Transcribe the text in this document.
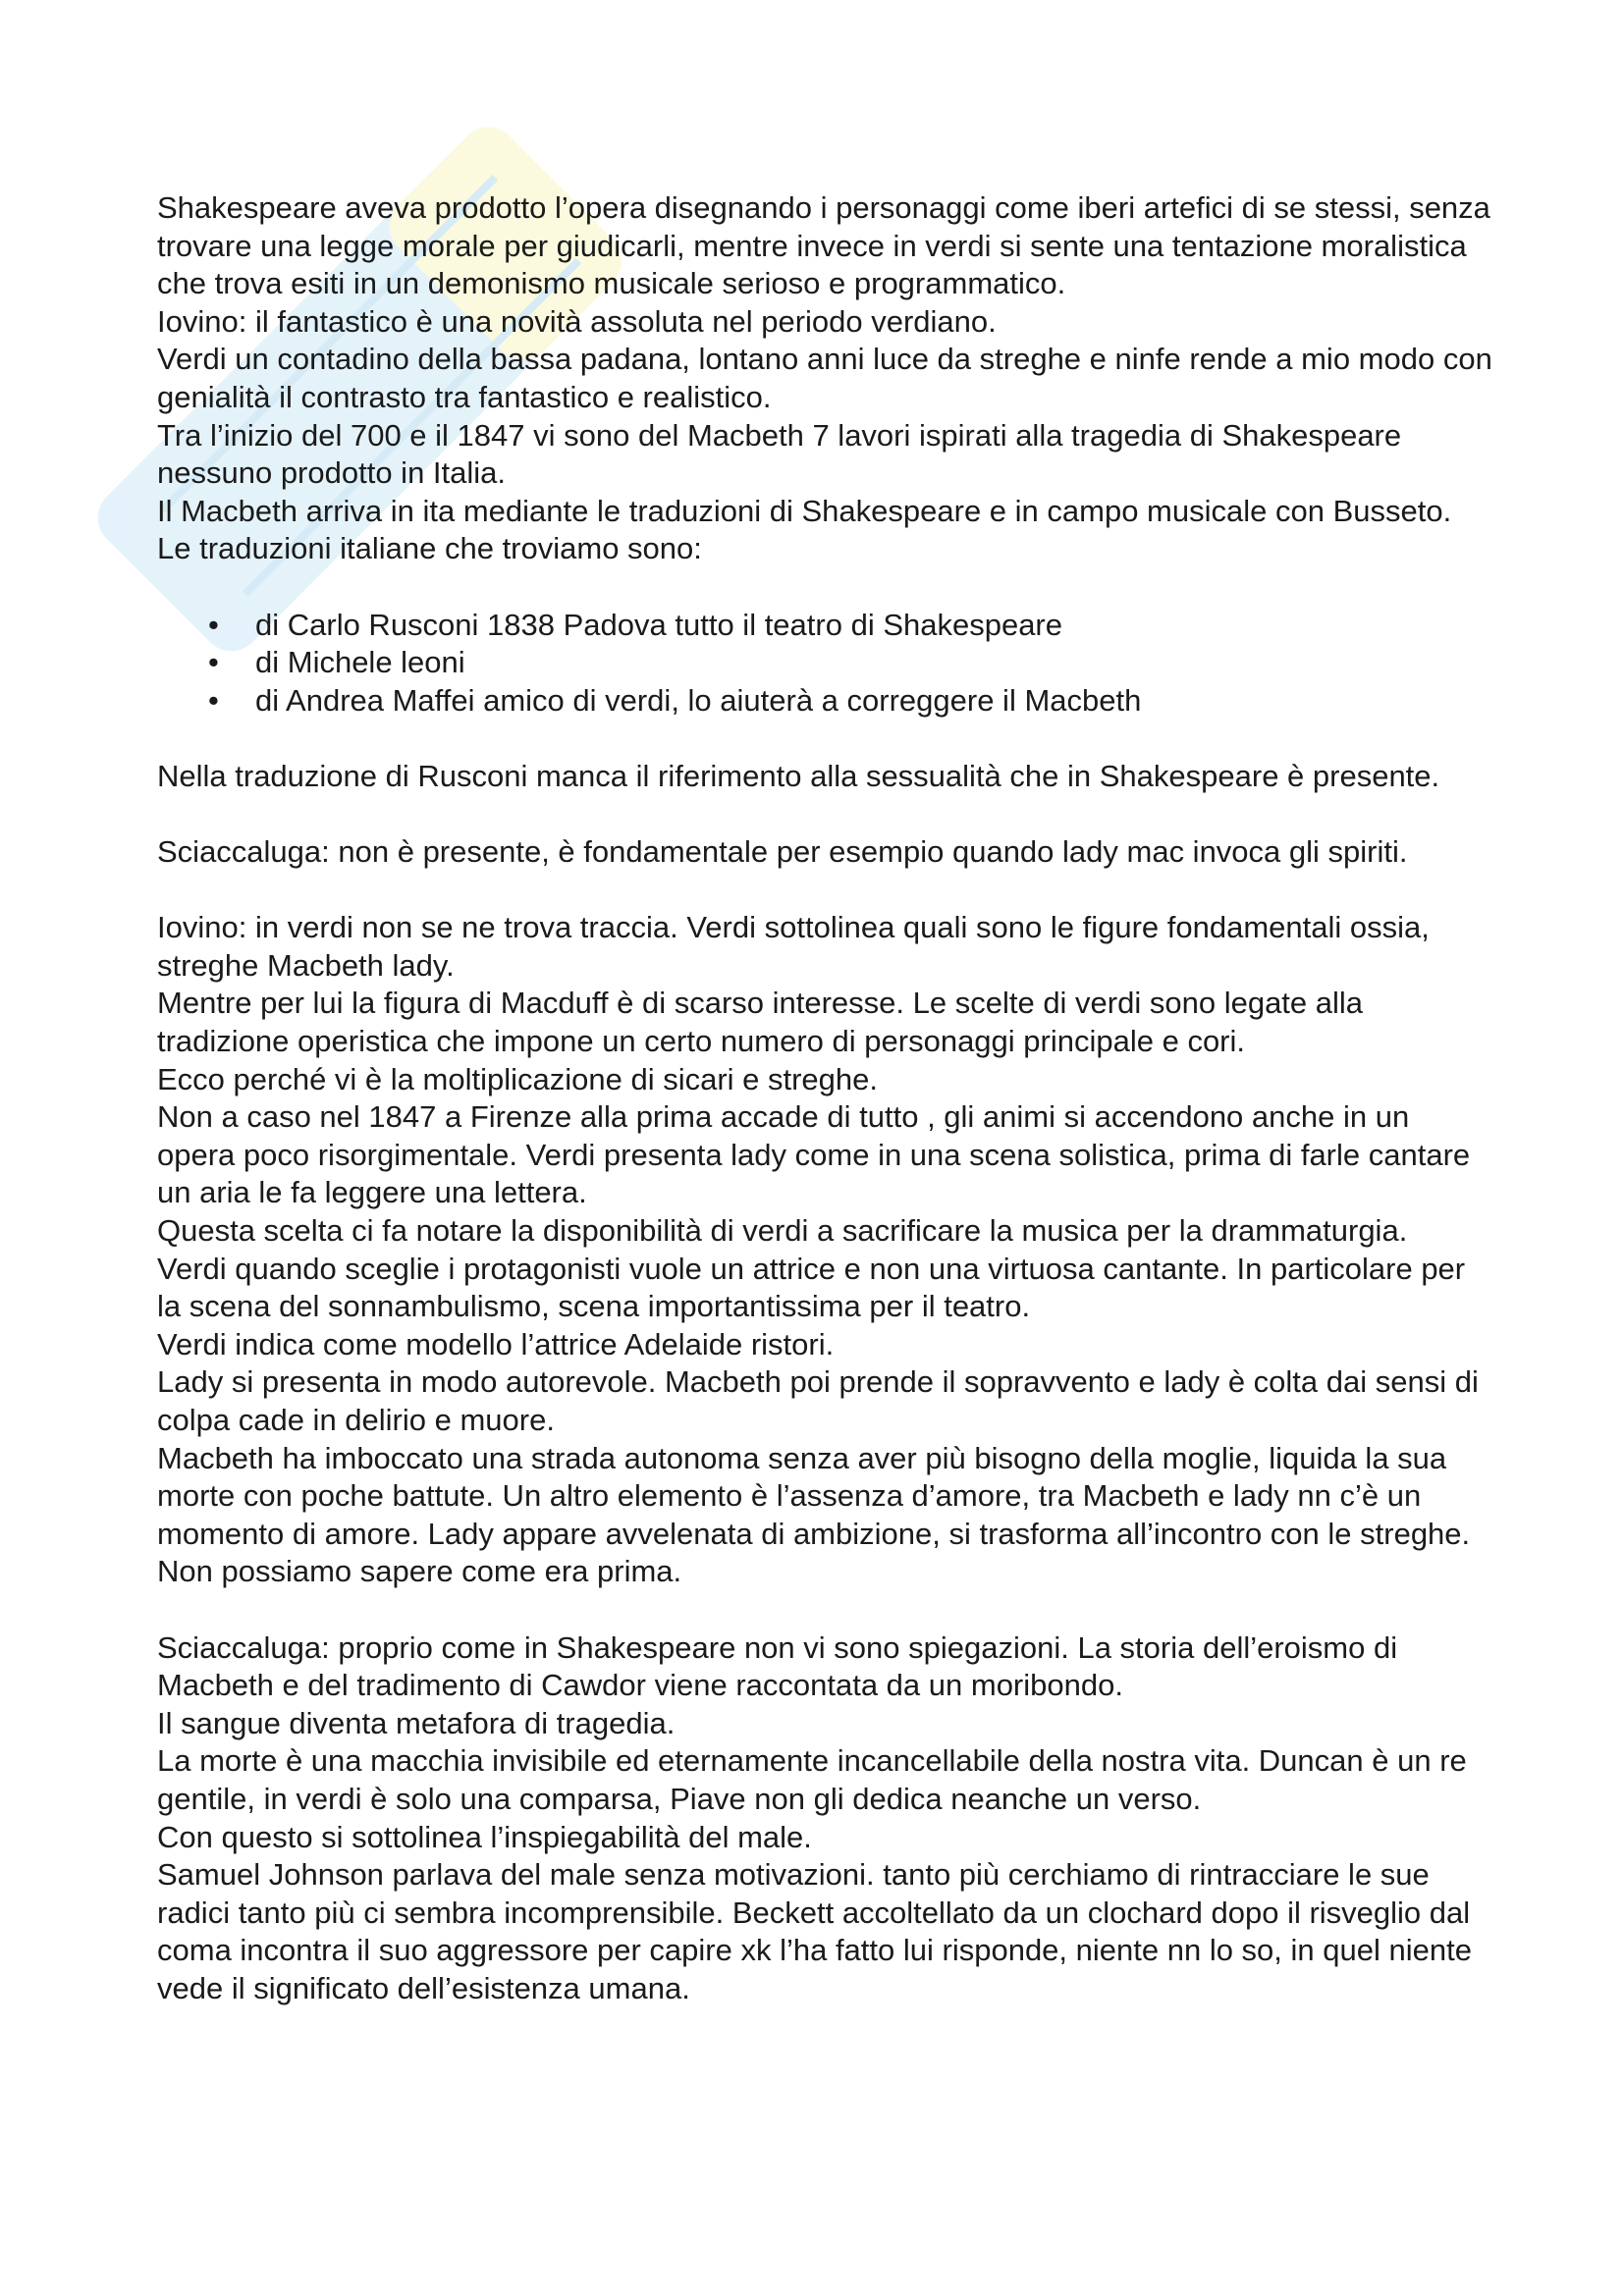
Shakespeare aveva prodotto l’opera disegnando i personaggi come iberi artefici di se stessi, senza trovare una legge morale per giudicarli, mentre invece in verdi si sente una tentazione moralistica che trova esiti in un demonismo musicale serioso e programmatico.

Iovino: il fantastico è una novità assoluta nel periodo verdiano.

Verdi un contadino della bassa padana, lontano anni luce da streghe e ninfe rende a mio modo con genialità il contrasto tra fantastico e realistico.

Tra l’inizio del 700 e il 1847 vi sono del Macbeth 7 lavori ispirati alla tragedia di Shakespeare nessuno prodotto in Italia.

Il Macbeth arriva in ita mediante le traduzioni di Shakespeare e in campo musicale con Busseto. Le traduzioni italiane che troviamo sono:

• di Carlo Rusconi 1838 Padova tutto il teatro di Shakespeare
• di Michele leoni
• di Andrea Maffei amico di verdi, lo aiuterà a correggere il Macbeth

Nella traduzione di Rusconi manca il riferimento alla sessualità che in Shakespeare è presente.

Sciaccaluga: non è presente, è fondamentale per esempio quando lady mac invoca gli spiriti.

Iovino: in verdi non se ne trova traccia. Verdi sottolinea quali sono le figure fondamentali ossia, streghe Macbeth lady.

Mentre per lui la figura di Macduff è di scarso interesse. Le scelte di verdi sono legate alla tradizione operistica che impone un certo numero di personaggi principale e cori.

Ecco perché vi è la moltiplicazione di sicari e streghe.

Non a caso nel 1847 a Firenze alla prima accade di tutto , gli animi si accendono anche in un opera poco risorgimentale. Verdi presenta lady come in una scena solistica, prima di farle cantare un aria le fa leggere una lettera.

Questa scelta ci fa notare la disponibilità di verdi a sacrificare la musica per la drammaturgia.

Verdi quando sceglie i protagonisti vuole un attrice e non una virtuosa cantante. In particolare per la scena del sonnambulismo, scena importantissima per il teatro.

Verdi indica come modello l’attrice Adelaide ristori.

Lady si presenta in modo autorevole. Macbeth poi prende il sopravvento e lady è colta dai sensi di colpa cade in delirio e muore.

Macbeth ha imboccato una strada autonoma senza aver più bisogno della moglie, liquida la sua morte con poche battute. Un altro elemento è l’assenza d’amore, tra Macbeth e lady nn c’è un momento di amore. Lady appare avvelenata di ambizione, si trasforma all’incontro con le streghe. Non possiamo sapere come era prima.

Sciaccaluga: proprio come in Shakespeare non vi sono spiegazioni. La storia dell’eroismo di Macbeth e del tradimento di Cawdor viene raccontata da un moribondo.

Il sangue diventa metafora di tragedia.

La morte è una macchia invisibile ed eternamente incancellabile della nostra vita. Duncan è un re gentile, in verdi è solo una comparsa, Piave non gli dedica neanche un verso.

Con questo si sottolinea l’inspiegabilità del male.

Samuel Johnson parlava del male senza motivazioni. tanto più cerchiamo di rintracciare le sue radici tanto più ci sembra incomprensibile. Beckett accoltellato da un clochard dopo il risveglio dal coma incontra il suo aggressore per capire xk l’ha fatto lui risponde, niente nn lo so, in quel niente vede il significato dell’esistenza umana.
